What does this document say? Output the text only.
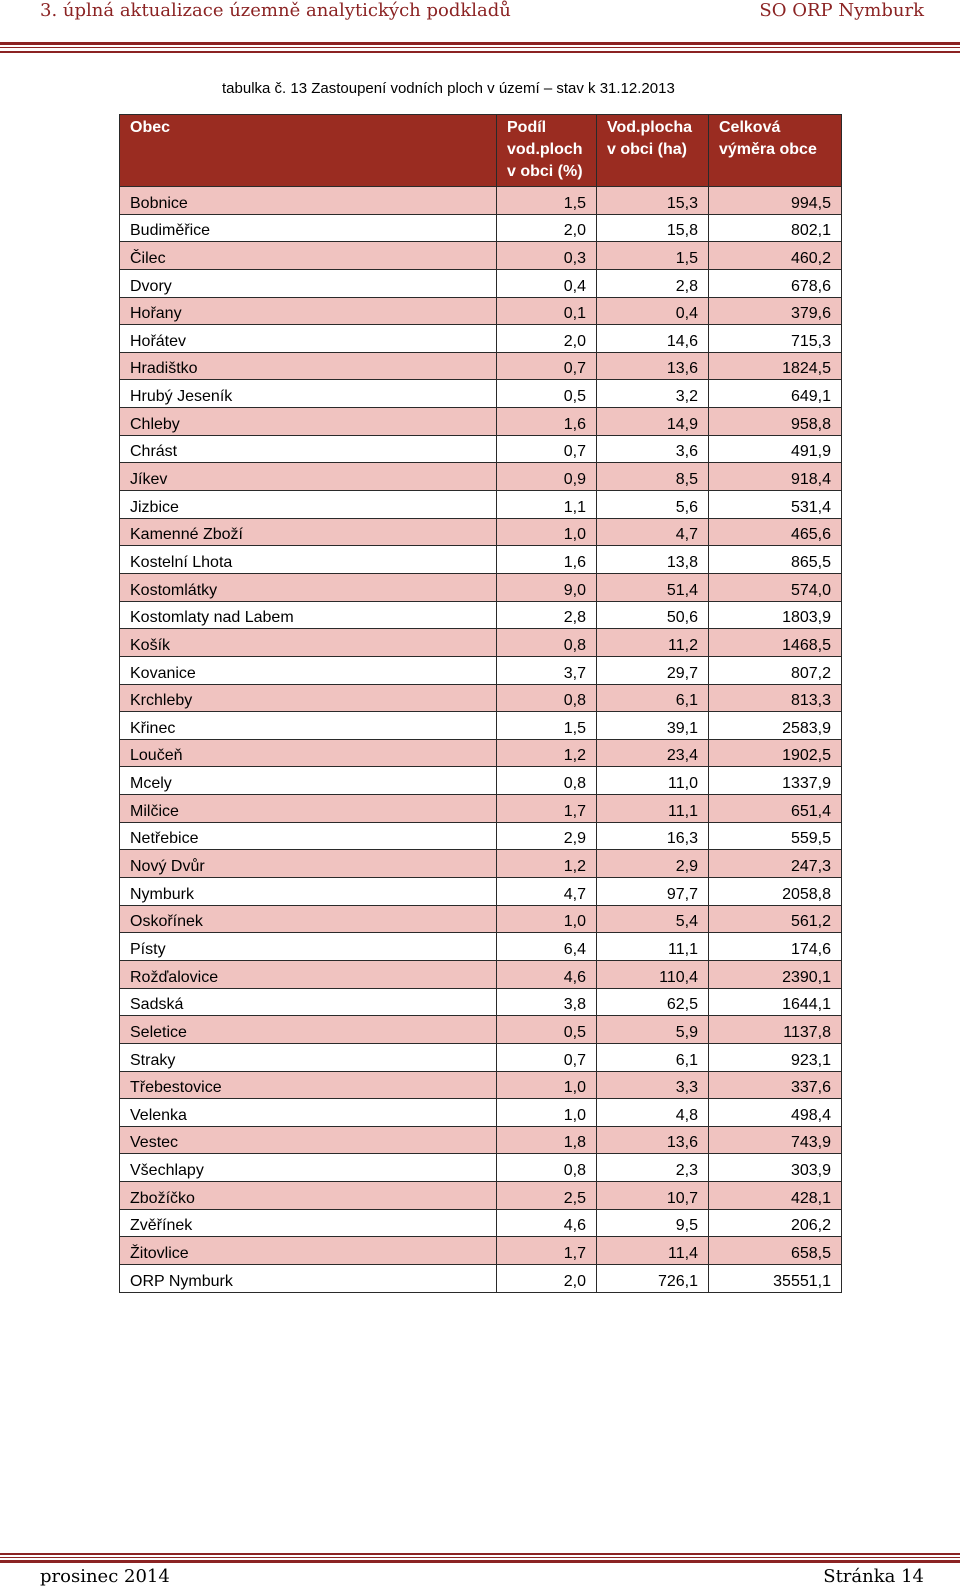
3. úplná aktualizace územně analytických podkladů	SO ORP Nymburk
tabulka č. 13 Zastoupení vodních ploch v území – stav k 31.12.2013
Obec	Podíl vod.ploch v obci (%)	Vod.plocha v obci (ha)	Celková výměra obce
Bobnice	1,5	15,3	994,5
Budiměřice	2,0	15,8	802,1
Čilec	0,3	1,5	460,2
Dvory	0,4	2,8	678,6
Hořany	0,1	0,4	379,6
Hořátev	2,0	14,6	715,3
Hradištko	0,7	13,6	1824,5
Hrubý Jeseník	0,5	3,2	649,1
Chleby	1,6	14,9	958,8
Chrást	0,7	3,6	491,9
Jíkev	0,9	8,5	918,4
Jizbice	1,1	5,6	531,4
Kamenné Zboží	1,0	4,7	465,6
Kostelní Lhota	1,6	13,8	865,5
Kostomlátky	9,0	51,4	574,0
Kostomlaty nad Labem	2,8	50,6	1803,9
Košík	0,8	11,2	1468,5
Kovanice	3,7	29,7	807,2
Krchleby	0,8	6,1	813,3
Křinec	1,5	39,1	2583,9
Loučeň	1,2	23,4	1902,5
Mcely	0,8	11,0	1337,9
Milčice	1,7	11,1	651,4
Netřebice	2,9	16,3	559,5
Nový Dvůr	1,2	2,9	247,3
Nymburk	4,7	97,7	2058,8
Oskořínek	1,0	5,4	561,2
Písty	6,4	11,1	174,6
Rožďalovice	4,6	110,4	2390,1
Sadská	3,8	62,5	1644,1
Seletice	0,5	5,9	1137,8
Straky	0,7	6,1	923,1
Třebestovice	1,0	3,3	337,6
Velenka	1,0	4,8	498,4
Vestec	1,8	13,6	743,9
Všechlapy	0,8	2,3	303,9
Zbožíčko	2,5	10,7	428,1
Zvěřínek	4,6	9,5	206,2
Žitovlice	1,7	11,4	658,5
ORP Nymburk	2,0	726,1	35551,1
prosinec 2014	Stránka 14
